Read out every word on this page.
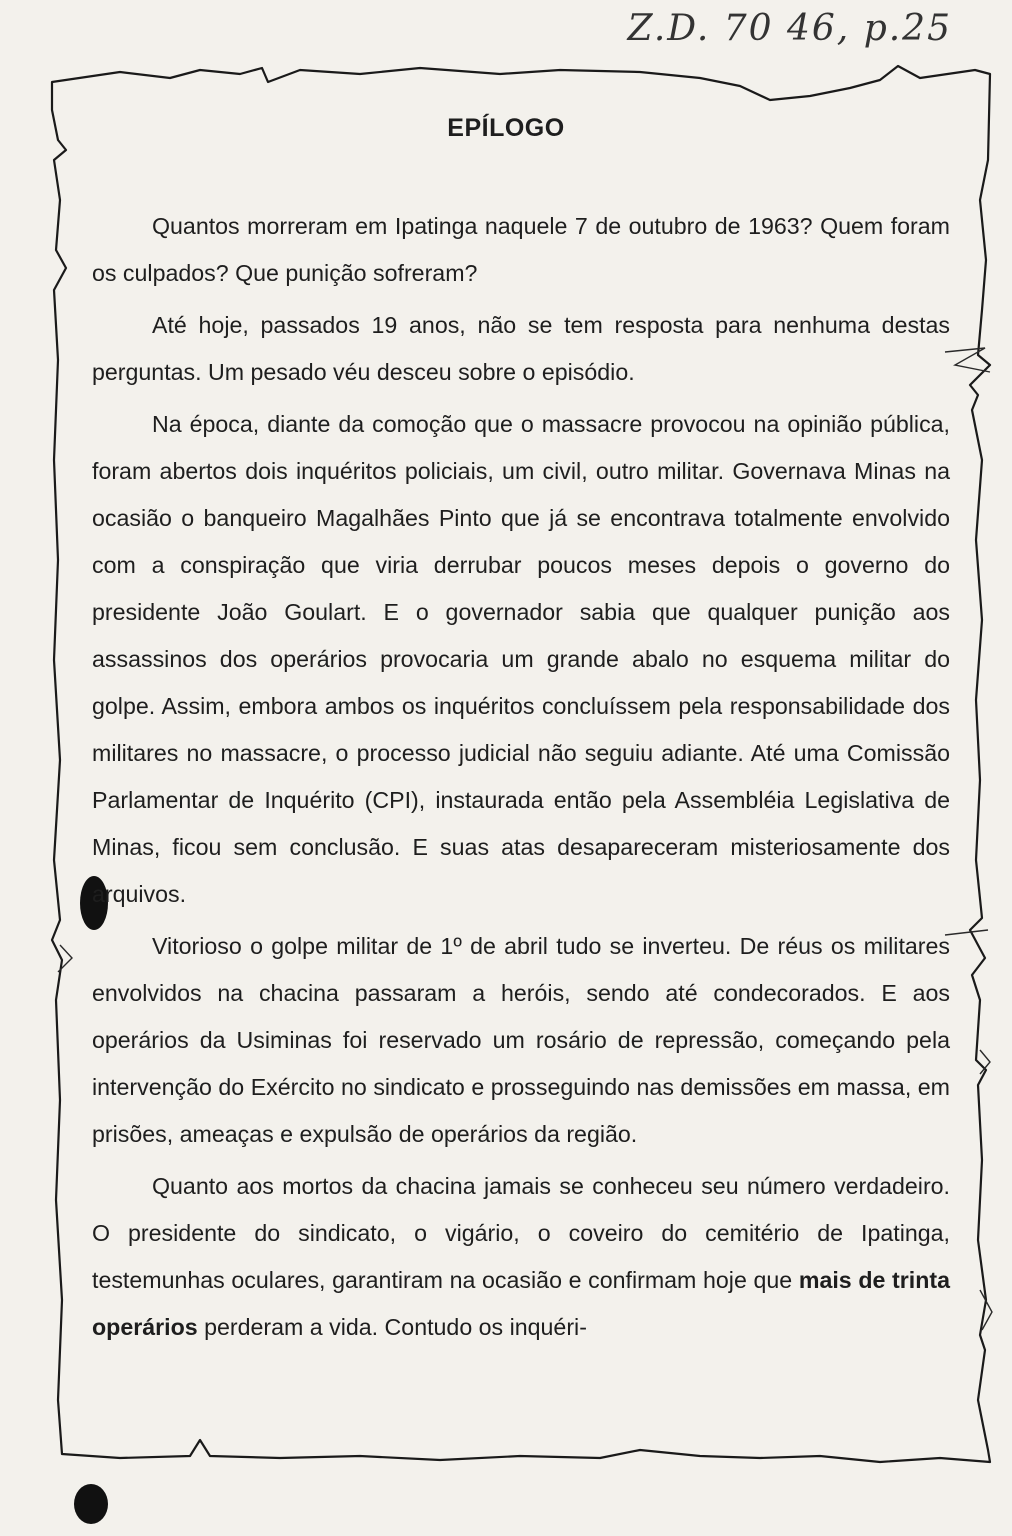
Z.D. 70 46, p.25
EPÍLOGO

Quantos morreram em Ipatinga naquele 7 de outubro de 1963? Quem foram os culpados? Que punição sofreram?

Até hoje, passados 19 anos, não se tem resposta para nenhuma destas perguntas. Um pesado véu desceu sobre o episódio.

Na época, diante da comoção que o massacre provocou na opinião pública, foram abertos dois inquéritos policiais, um civil, outro militar. Governava Minas na ocasião o banqueiro Magalhães Pinto que já se encontrava totalmente envolvido com a conspiração que viria derrubar poucos meses depois o governo do presidente João Goulart. E o governador sabia que qualquer punição aos assassinos dos operários provocaria um grande abalo no esquema militar do golpe. Assim, embora ambos os inquéritos concluíssem pela responsabilidade dos militares no massacre, o processo judicial não seguiu adiante. Até uma Comissão Parlamentar de Inquérito (CPI), instaurada então pela Assembléia Legislativa de Minas, ficou sem conclusão. E suas atas desapareceram misteriosamente dos arquivos.

Vitorioso o golpe militar de 1º de abril tudo se inverteu. De réus os militares envolvidos na chacina passaram a heróis, sendo até condecorados. E aos operários da Usiminas foi reservado um rosário de repressão, começando pela intervenção do Exército no sindicato e prosseguindo nas demissões em massa, em prisões, ameaças e expulsão de operários da região.

Quanto aos mortos da chacina jamais se conheceu seu número verdadeiro. O presidente do sindicato, o vigário, o coveiro do cemitério de Ipatinga, testemunhas oculares, garantiram na ocasião e confirmam hoje que mais de trinta operários perderam a vida. Contudo os inquéri-
